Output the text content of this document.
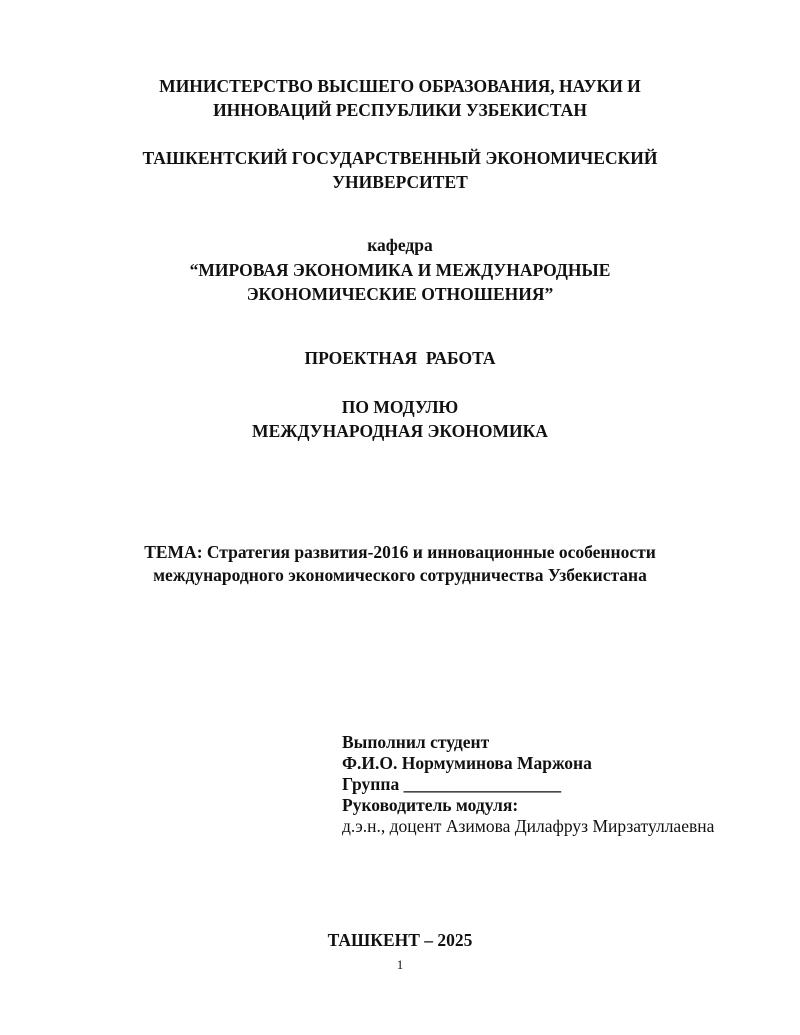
МИНИСТЕРСТВО ВЫСШЕГО ОБРАЗОВАНИЯ, НАУКИ И
ИННОВАЦИЙ РЕСПУБЛИКИ УЗБЕКИСТАН
ТАШКЕНТСКИЙ ГОСУДАРСТВЕННЫЙ ЭКОНОМИЧЕСКИЙ
УНИВЕРСИТЕТ
кафедра
“МИРОВАЯ ЭКОНОМИКА И МЕЖДУНАРОДНЫЕ
ЭКОНОМИЧЕСКИЕ ОТНОШЕНИЯ”
ПРОЕКТНАЯ  РАБОТА
ПО МОДУЛЮ
МЕЖДУНАРОДНАЯ ЭКОНОМИКА
ТЕМА: Стратегия развития-2016 и инновационные особенности
международного экономического сотрудничества Узбекистана
Выполнил студент
Ф.И.О. Нормуминова Маржона
Группа __________________
Руководитель модуля:
д.э.н., доцент Азимова Дилафруз Мирзатуллаевна
ТАШКЕНТ – 2025
1
